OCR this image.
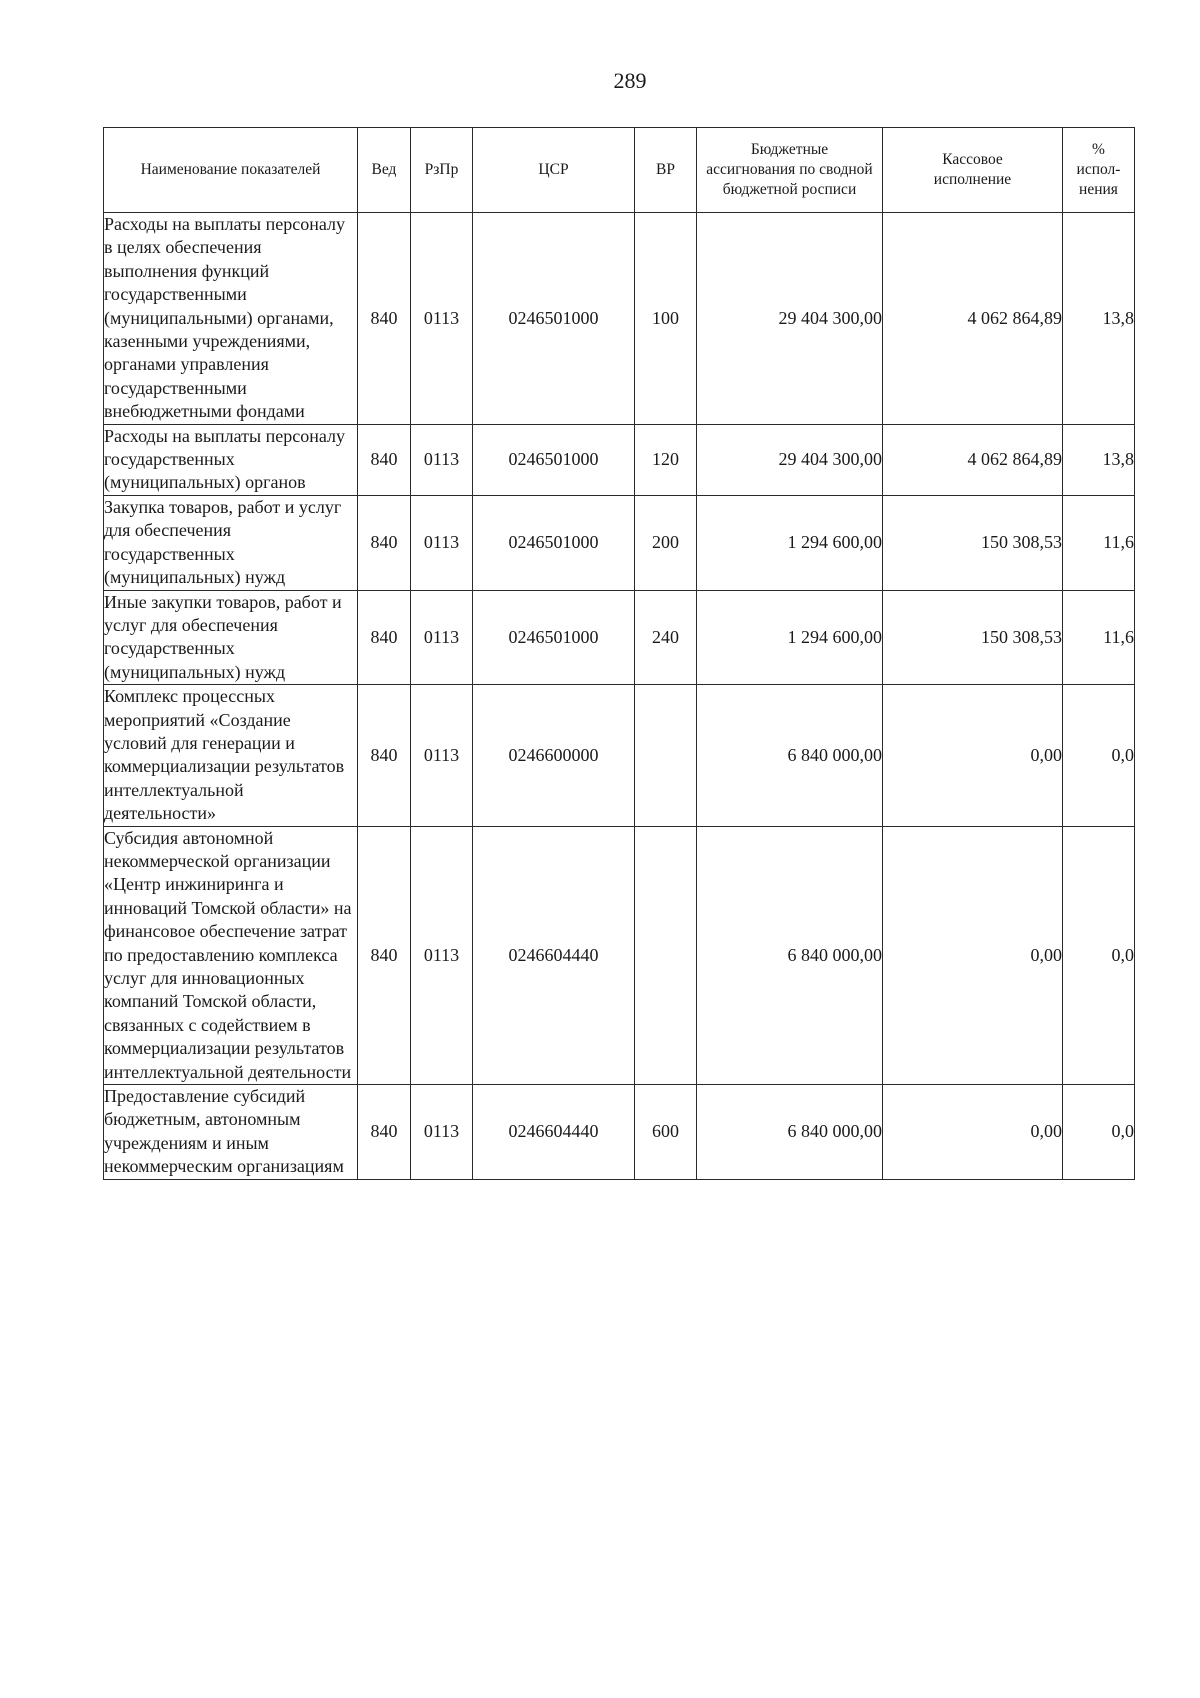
289
Наименование показателей	Вед	РзПр	ЦСР	ВР	Бюджетные ассигнования по сводной бюджетной росписи	Кассовое исполнение	% испол-нения
Расходы на выплаты персоналу в целях обеспечения выполнения функций государственными (муниципальными) органами, казенными учреждениями, органами управления государственными внебюджетными фондами	840	0113	0246501000	100	29 404 300,00	4 062 864,89	13,8
Расходы на выплаты персоналу государственных (муниципальных) органов	840	0113	0246501000	120	29 404 300,00	4 062 864,89	13,8
Закупка товаров, работ и услуг для обеспечения государственных (муниципальных) нужд	840	0113	0246501000	200	1 294 600,00	150 308,53	11,6
Иные закупки товаров, работ и услуг для обеспечения государственных (муниципальных) нужд	840	0113	0246501000	240	1 294 600,00	150 308,53	11,6
Комплекс процессных мероприятий «Создание условий для генерации и коммерциализации результатов интеллектуальной деятельности»	840	0113	0246600000		6 840 000,00	0,00	0,0
Субсидия автономной некоммерческой организации «Центр инжиниринга и инноваций Томской области» на финансовое обеспечение затрат по предоставлению комплекса услуг для инновационных компаний Томской области, связанных с содействием в коммерциализации результатов интеллектуальной деятельности	840	0113	0246604440		6 840 000,00	0,00	0,0
Предоставление субсидий бюджетным, автономным учреждениям и иным некоммерческим организациям	840	0113	0246604440	600	6 840 000,00	0,00	0,0
